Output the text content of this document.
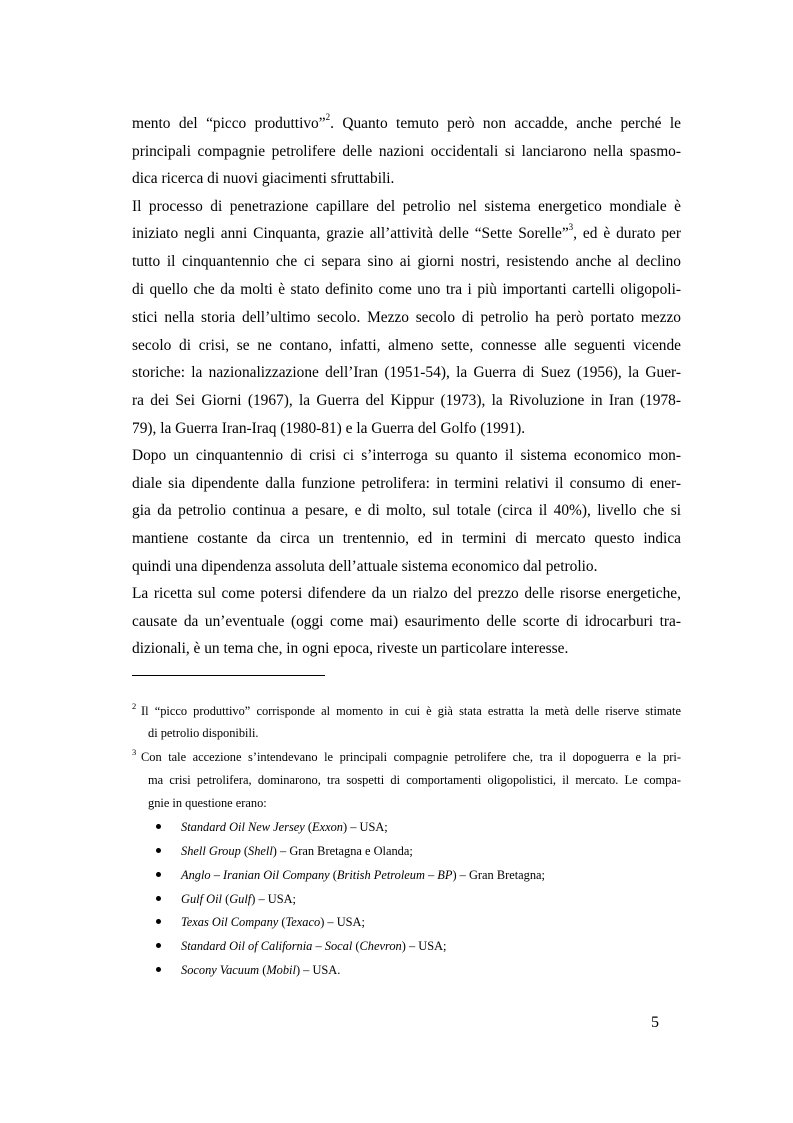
mento del “picco produttivo”$^2$. Quanto temuto però non accadde, anche perché le
principali compagnie petrolifere delle nazioni occidentali si lanciarono nella spasmo-
dica ricerca di nuovi giacimenti sfruttabili.
Il processo di penetrazione capillare del petrolio nel sistema energetico mondiale è
iniziato negli anni Cinquanta, grazie all’attività delle “Sette Sorelle”$^3$, ed è durato per
tutto il cinquantennio che ci separa sino ai giorni nostri, resistendo anche al declino
di quello che da molti è stato definito come uno tra i più importanti cartelli oligopoli-
stici nella storia dell’ultimo secolo. Mezzo secolo di petrolio ha però portato mezzo
secolo di crisi, se ne contano, infatti, almeno sette, connesse alle seguenti vicende
storiche: la nazionalizzazione dell’Iran (1951-54), la Guerra di Suez (1956), la Guer-
ra dei Sei Giorni (1967), la Guerra del Kippur (1973), la Rivoluzione in Iran (1978-
79), la Guerra Iran-Iraq (1980-81) e la Guerra del Golfo (1991).
Dopo un cinquantennio di crisi ci s’interroga su quanto il sistema economico mon-
diale sia dipendente dalla funzione petrolifera: in termini relativi il consumo di ener-
gia da petrolio continua a pesare, e di molto, sul totale (circa il 40%), livello che si
mantiene costante da circa un trentennio, ed in termini di mercato questo indica
quindi una dipendenza assoluta dell’attuale sistema economico dal petrolio.
La ricetta sul come potersi difendere da un rialzo del prezzo delle risorse energetiche,
causate da un’eventuale (oggi come mai) esaurimento delle scorte di idrocarburi tra-
dizionali, è un tema che, in ogni epoca, riveste un particolare interesse.
2 Il “picco produttivo” corrisponde al momento in cui è già stata estratta la metà delle riserve stimate
di petrolio disponibili.
3 Con tale accezione s’intendevano le principali compagnie petrolifere che, tra il dopoguerra e la pri-
ma crisi petrolifera, dominarono, tra sospetti di comportamenti oligopolistici, il mercato. Le compa-
gnie in questione erano:
Standard Oil New Jersey (Exxon) – USA;
Shell Group (Shell) – Gran Bretagna e Olanda;
Anglo – Iranian Oil Company (British Petroleum – BP) – Gran Bretagna;
Gulf Oil (Gulf) – USA;
Texas Oil Company (Texaco) – USA;
Standard Oil of California – Socal (Chevron) – USA;
Socony Vacuum (Mobil) – USA.
5
